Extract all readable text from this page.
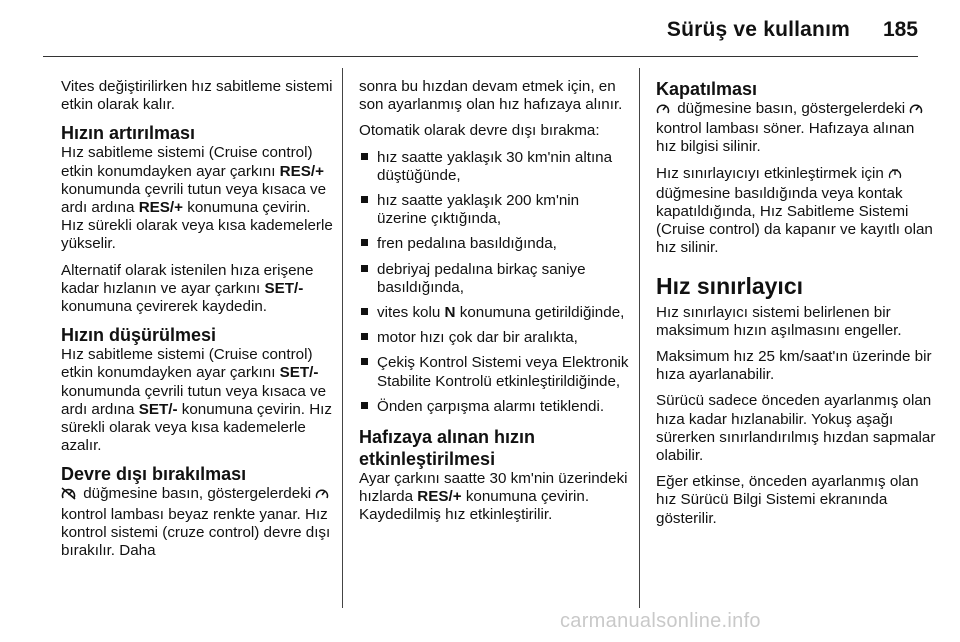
Sürüş ve kullanım 185

Vites değiştirilirken hız sabitleme sistemi etkin olarak kalır.

Hızın artırılması

Hız sabitleme sistemi (Cruise control) etkin konumdayken ayar çarkını RES/+ konumunda çevrili tutun veya kısaca ve ardı ardına RES/+ konumuna çevirin. Hız sürekli olarak veya kısa kademelerle yükselir.

Alternatif olarak istenilen hıza erişene kadar hızlanın ve ayar çarkını SET/- konumuna çevirerek kaydedin.

Hızın düşürülmesi

Hız sabitleme sistemi (Cruise control) etkin konumdayken ayar çarkını SET/- konumunda çevrili tutun veya kısaca ve ardı ardına SET/- konumuna çevirin. Hız sürekli olarak veya kısa kademelerle azalır.

Devre dışı bırakılması

düğmesine basın, göstergelerdeki  kontrol lambası beyaz renkte yanar. Hız kontrol sistemi (cruze control) devre dışı bırakılır. Daha

sonra bu hızdan devam etmek için, en son ayarlanmış olan hız hafızaya alınır.

Otomatik olarak devre dışı bırakma:

hız saatte yaklaşık 30 km'nin altına düştüğünde,
hız saatte yaklaşık 200 km'nin üzerine çıktığında,
fren pedalına basıldığında,
debriyaj pedalına birkaç saniye basıldığında,
vites kolu N konumuna getirildiğinde,
motor hızı çok dar bir aralıkta,
Çekiş Kontrol Sistemi veya Elektronik Stabilite Kontrolü etkinleştirildiğinde,
Önden çarpışma alarmı tetiklendi.
Hafızaya alınan hızın etkinleştirilmesi

Ayar çarkını saatte 30 km'nin üzerindeki hızlarda RES/+ konumuna çevirin. Kaydedilmiş hız etkinleştirilir.

Kapatılması

düğmesine basın, göstergelerdeki  kontrol lambası söner. Hafızaya alınan hız bilgisi silinir.

Hız sınırlayıcıyı etkinleştirmek için  düğmesine basıldığında veya kontak kapatıldığında, Hız Sabitleme Sistemi (Cruise control) da kapanır ve kayıtlı olan hız silinir.

Hız sınırlayıcı

Hız sınırlayıcı sistemi belirlenen bir maksimum hızın aşılmasını engeller.

Maksimum hız 25 km/saat'ın üzerinde bir hıza ayarlanabilir.

Sürücü sadece önceden ayarlanmış olan hıza kadar hızlanabilir. Yokuş aşağı sürerken sınırlandırılmış hızdan sapmalar olabilir.

Eğer etkinse, önceden ayarlanmış olan hız Sürücü Bilgi Sistemi ekranında gösterilir.

carmanualsonline.info
